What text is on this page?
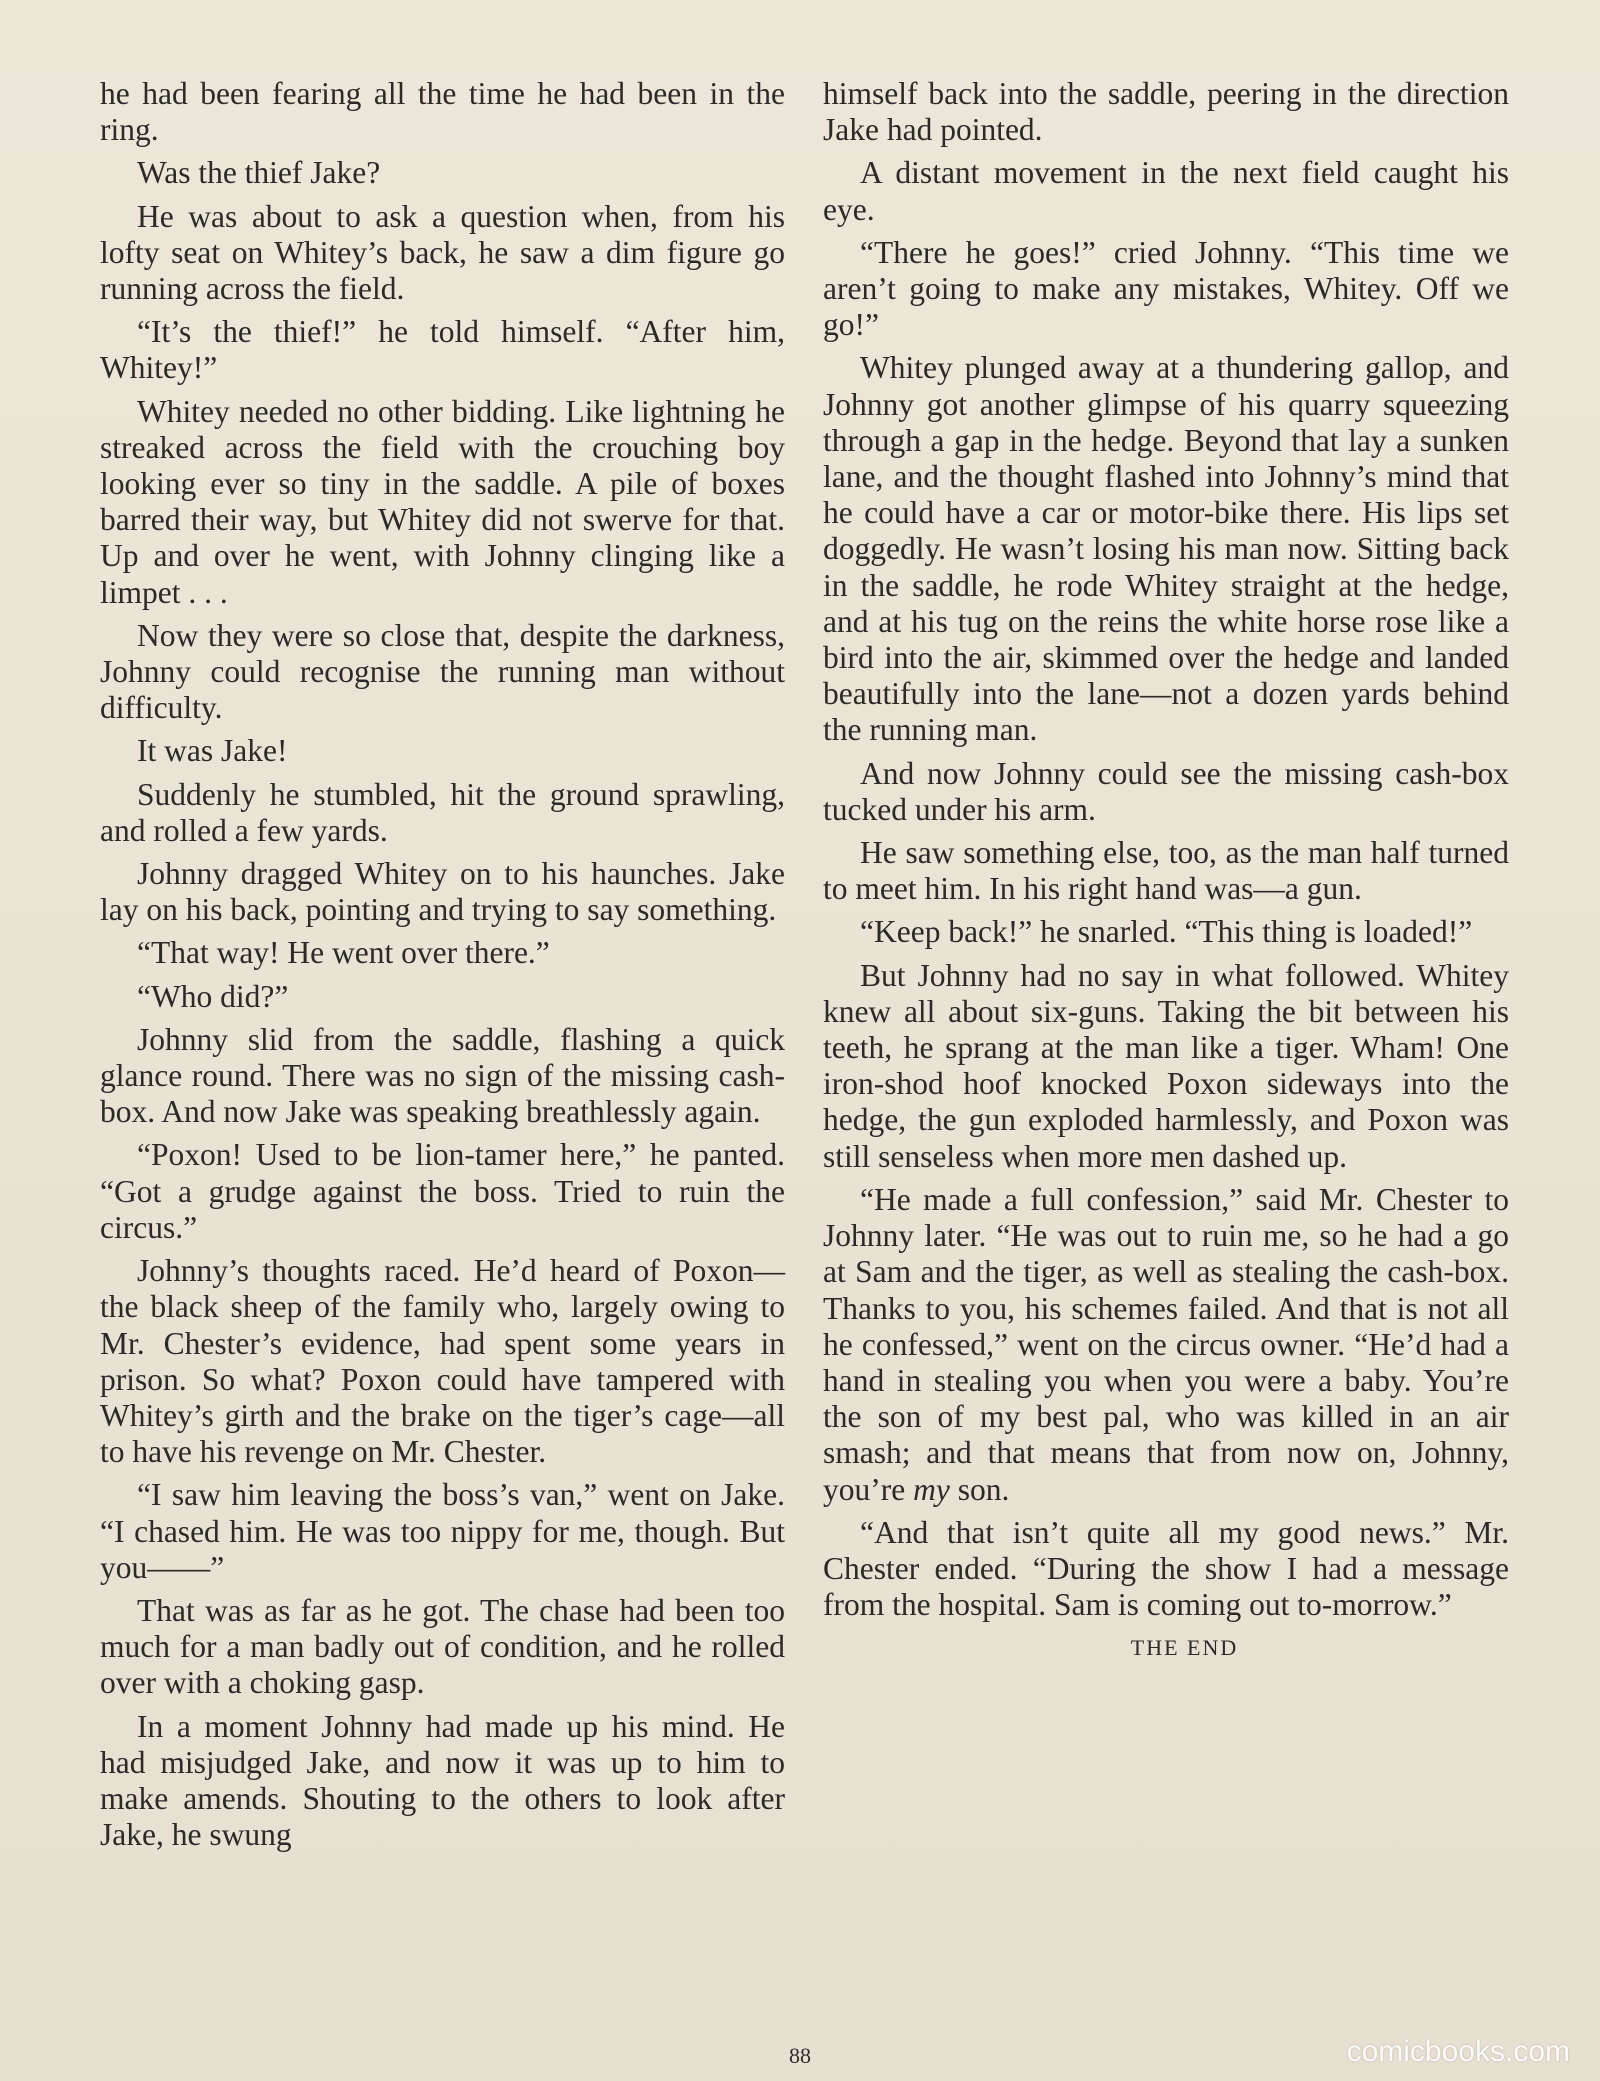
he had been fearing all the time he had been in the ring.

Was the thief Jake?

He was about to ask a question when, from his lofty seat on Whitey’s back, he saw a dim figure go running across the field.

“It’s the thief!” he told himself. “After him, Whitey!”

Whitey needed no other bidding. Like lightning he streaked across the field with the crouching boy looking ever so tiny in the saddle. A pile of boxes barred their way, but Whitey did not swerve for that. Up and over he went, with Johnny clinging like a limpet . . .

Now they were so close that, despite the darkness, Johnny could recognise the running man without difficulty.

It was Jake!

Suddenly he stumbled, hit the ground sprawling, and rolled a few yards.

Johnny dragged Whitey on to his haunches. Jake lay on his back, pointing and trying to say something.

“That way! He went over there.”

“Who did?”

Johnny slid from the saddle, flashing a quick glance round. There was no sign of the missing cash-box. And now Jake was speaking breathlessly again.

“Poxon! Used to be lion-tamer here,” he panted. “Got a grudge against the boss. Tried to ruin the circus.”

Johnny’s thoughts raced. He’d heard of Poxon—the black sheep of the family who, largely owing to Mr. Chester’s evidence, had spent some years in prison. So what? Poxon could have tampered with Whitey’s girth and the brake on the tiger’s cage—all to have his revenge on Mr. Chester.

“I saw him leaving the boss’s van,” went on Jake. “I chased him. He was too nippy for me, though. But you——”

That was as far as he got. The chase had been too much for a man badly out of condition, and he rolled over with a choking gasp.

In a moment Johnny had made up his mind. He had misjudged Jake, and now it was up to him to make amends. Shouting to the others to look after Jake, he swung

himself back into the saddle, peering in the direction Jake had pointed.

A distant movement in the next field caught his eye.

“There he goes!” cried Johnny. “This time we aren’t going to make any mistakes, Whitey. Off we go!”

Whitey plunged away at a thundering gallop, and Johnny got another glimpse of his quarry squeezing through a gap in the hedge. Beyond that lay a sunken lane, and the thought flashed into Johnny’s mind that he could have a car or motor-bike there. His lips set doggedly. He wasn’t losing his man now. Sitting back in the saddle, he rode Whitey straight at the hedge, and at his tug on the reins the white horse rose like a bird into the air, skimmed over the hedge and landed beautifully into the lane—not a dozen yards behind the running man.

And now Johnny could see the missing cash-box tucked under his arm.

He saw something else, too, as the man half turned to meet him. In his right hand was—a gun.

“Keep back!” he snarled. “This thing is loaded!”

But Johnny had no say in what followed. Whitey knew all about six-guns. Taking the bit between his teeth, he sprang at the man like a tiger. Wham! One iron-shod hoof knocked Poxon sideways into the hedge, the gun exploded harmlessly, and Poxon was still senseless when more men dashed up.

“He made a full confession,” said Mr. Chester to Johnny later. “He was out to ruin me, so he had a go at Sam and the tiger, as well as stealing the cash-box. Thanks to you, his schemes failed. And that is not all he confessed,” went on the circus owner. “He’d had a hand in stealing you when you were a baby. You’re the son of my best pal, who was killed in an air smash; and that means that from now on, Johnny, you’re my son.

“And that isn’t quite all my good news.” Mr. Chester ended. “During the show I had a message from the hospital. Sam is coming out to-morrow.”

THE END

88	comicbooks.com
